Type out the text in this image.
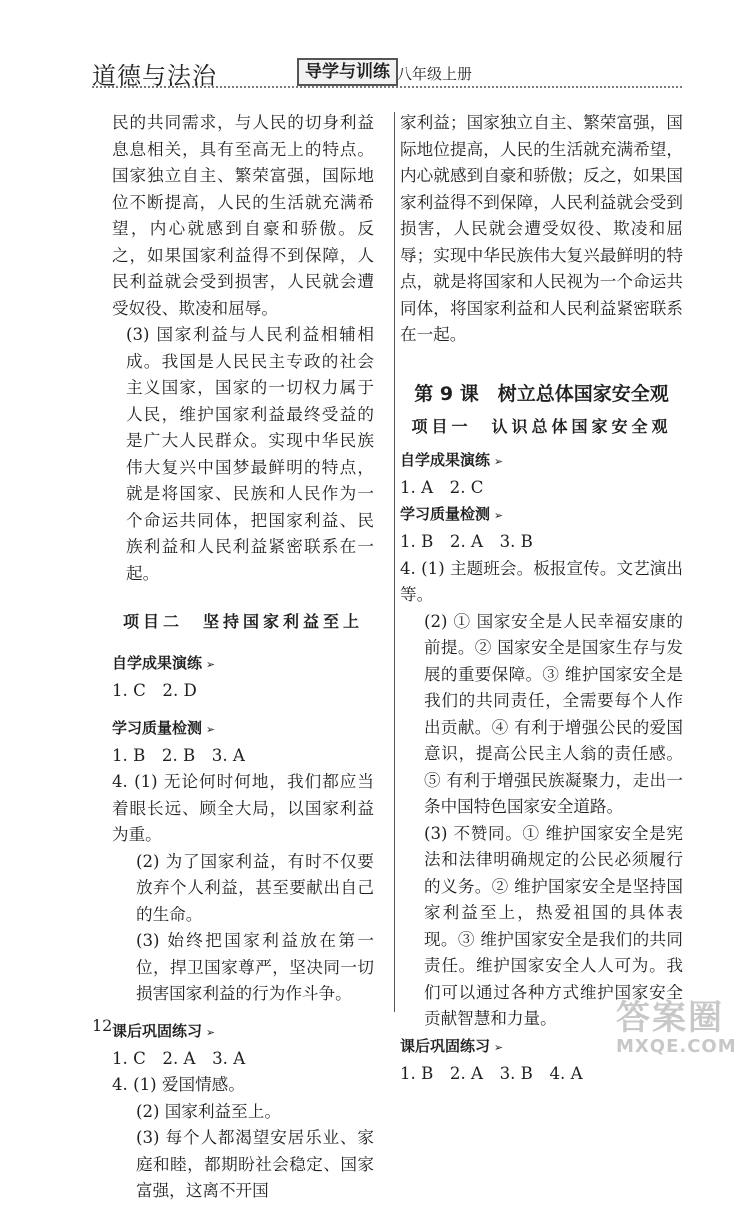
道德与法治	导学与训练 八年级上册

民的共同需求，与人民的切身利益息息相关，具有至高无上的特点。国家独立自主、繁荣富强，国际地位不断提高，人民的生活就充满希望，内心就感到自豪和骄傲。反之，如果国家利益得不到保障，人民利益就会受到损害，人民就会遭受奴役、欺凌和屈辱。

(3) 国家利益与人民利益相辅相成。我国是人民民主专政的社会主义国家，国家的一切权力属于人民，维护国家利益最终受益的是广大人民群众。实现中华民族伟大复兴中国梦最鲜明的特点，就是将国家、民族和人民作为一个命运共同体，把国家利益、民族利益和人民利益紧密联系在一起。

项目二　坚持国家利益至上
自学成果演练 ➢

1. C　2. D

学习质量检测 ➢

1. B　2. B　3. A

4. (1) 无论何时何地，我们都应当着眼长远、顾全大局，以国家利益为重。

(2) 为了国家利益，有时不仅要放弃个人利益，甚至要献出自己的生命。

(3) 始终把国家利益放在第一位，捍卫国家尊严，坚决同一切损害国家利益的行为作斗争。

课后巩固练习 ➢

1. C　2. A　3. A

4. (1) 爱国情感。

(2) 国家利益至上。

(3) 每个人都渴望安居乐业、家庭和睦，都期盼社会稳定、国家富强，这离不开国

家利益；国家独立自主、繁荣富强，国际地位提高，人民的生活就充满希望，内心就感到自豪和骄傲；反之，如果国家利益得不到保障，人民利益就会受到损害，人民就会遭受奴役、欺凌和屈辱；实现中华民族伟大复兴最鲜明的特点，就是将国家和人民视为一个命运共同体，将国家利益和人民利益紧密联系在一起。

第 9 课　树立总体国家安全观
项目一　认识总体国家安全观
自学成果演练 ➢

1. A　2. C

学习质量检测 ➢

1. B　2. A　3. B

4. (1) 主题班会。板报宣传。文艺演出等。

(2) ① 国家安全是人民幸福安康的前提。② 国家安全是国家生存与发展的重要保障。③ 维护国家安全是我们的共同责任，全需要每个人作出贡献。④ 有利于增强公民的爱国意识，提高公民主人翁的责任感。⑤ 有利于增强民族凝聚力，走出一条中国特色国家安全道路。

(3) 不赞同。① 维护国家安全是宪法和法律明确规定的公民必须履行的义务。② 维护国家安全是坚持国家利益至上，热爱祖国的具体表现。③ 维护国家安全是我们的共同责任。维护国家安全人人可为。我们可以通过各种方式维护国家安全贡献智慧和力量。

课后巩固练习 ➢

1. B　2. A　3. B　4. A

12	答案圈
MXQE.COM
